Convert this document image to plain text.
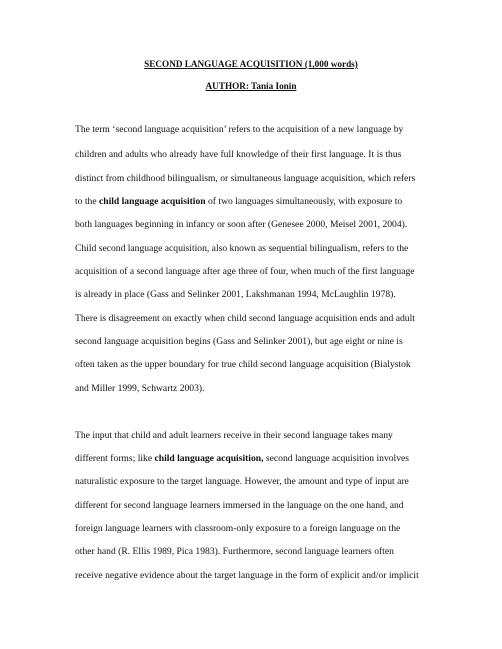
SECOND LANGUAGE ACQUISITION (1,000 words)
AUTHOR: Tania Ionin
The term ‘second language acquisition’ refers to the acquisition of a new language by
children and adults who already have full knowledge of their first language. It is thus
distinct from childhood bilingualism, or simultaneous language acquisition, which refers
to the child language acquisition of two languages simultaneously, with exposure to
both languages beginning in infancy or soon after (Genesee 2000, Meisel 2001, 2004).
Child second language acquisition, also known as sequential bilingualism, refers to the
acquisition of a second language after age three of four, when much of the first language
is already in place (Gass and Selinker 2001, Lakshmanan 1994, McLaughlin 1978).
There is disagreement on exactly when child second language acquisition ends and adult
second language acquisition begins (Gass and Selinker 2001), but age eight or nine is
often taken as the upper boundary for true child second language acquisition (Bialystok
and Miller 1999, Schwartz 2003).
The input that child and adult learners receive in their second language takes many
different forms; like child language acquisition, second language acquisition involves
naturalistic exposure to the target language. However, the amount and type of input are
different for second language learners immersed in the language on the one hand, and
foreign language learners with classroom-only exposure to a foreign language on the
other hand (R. Ellis 1989, Pica 1983). Furthermore, second language learners often
receive negative evidence about the target language in the form of explicit and/or implicit
